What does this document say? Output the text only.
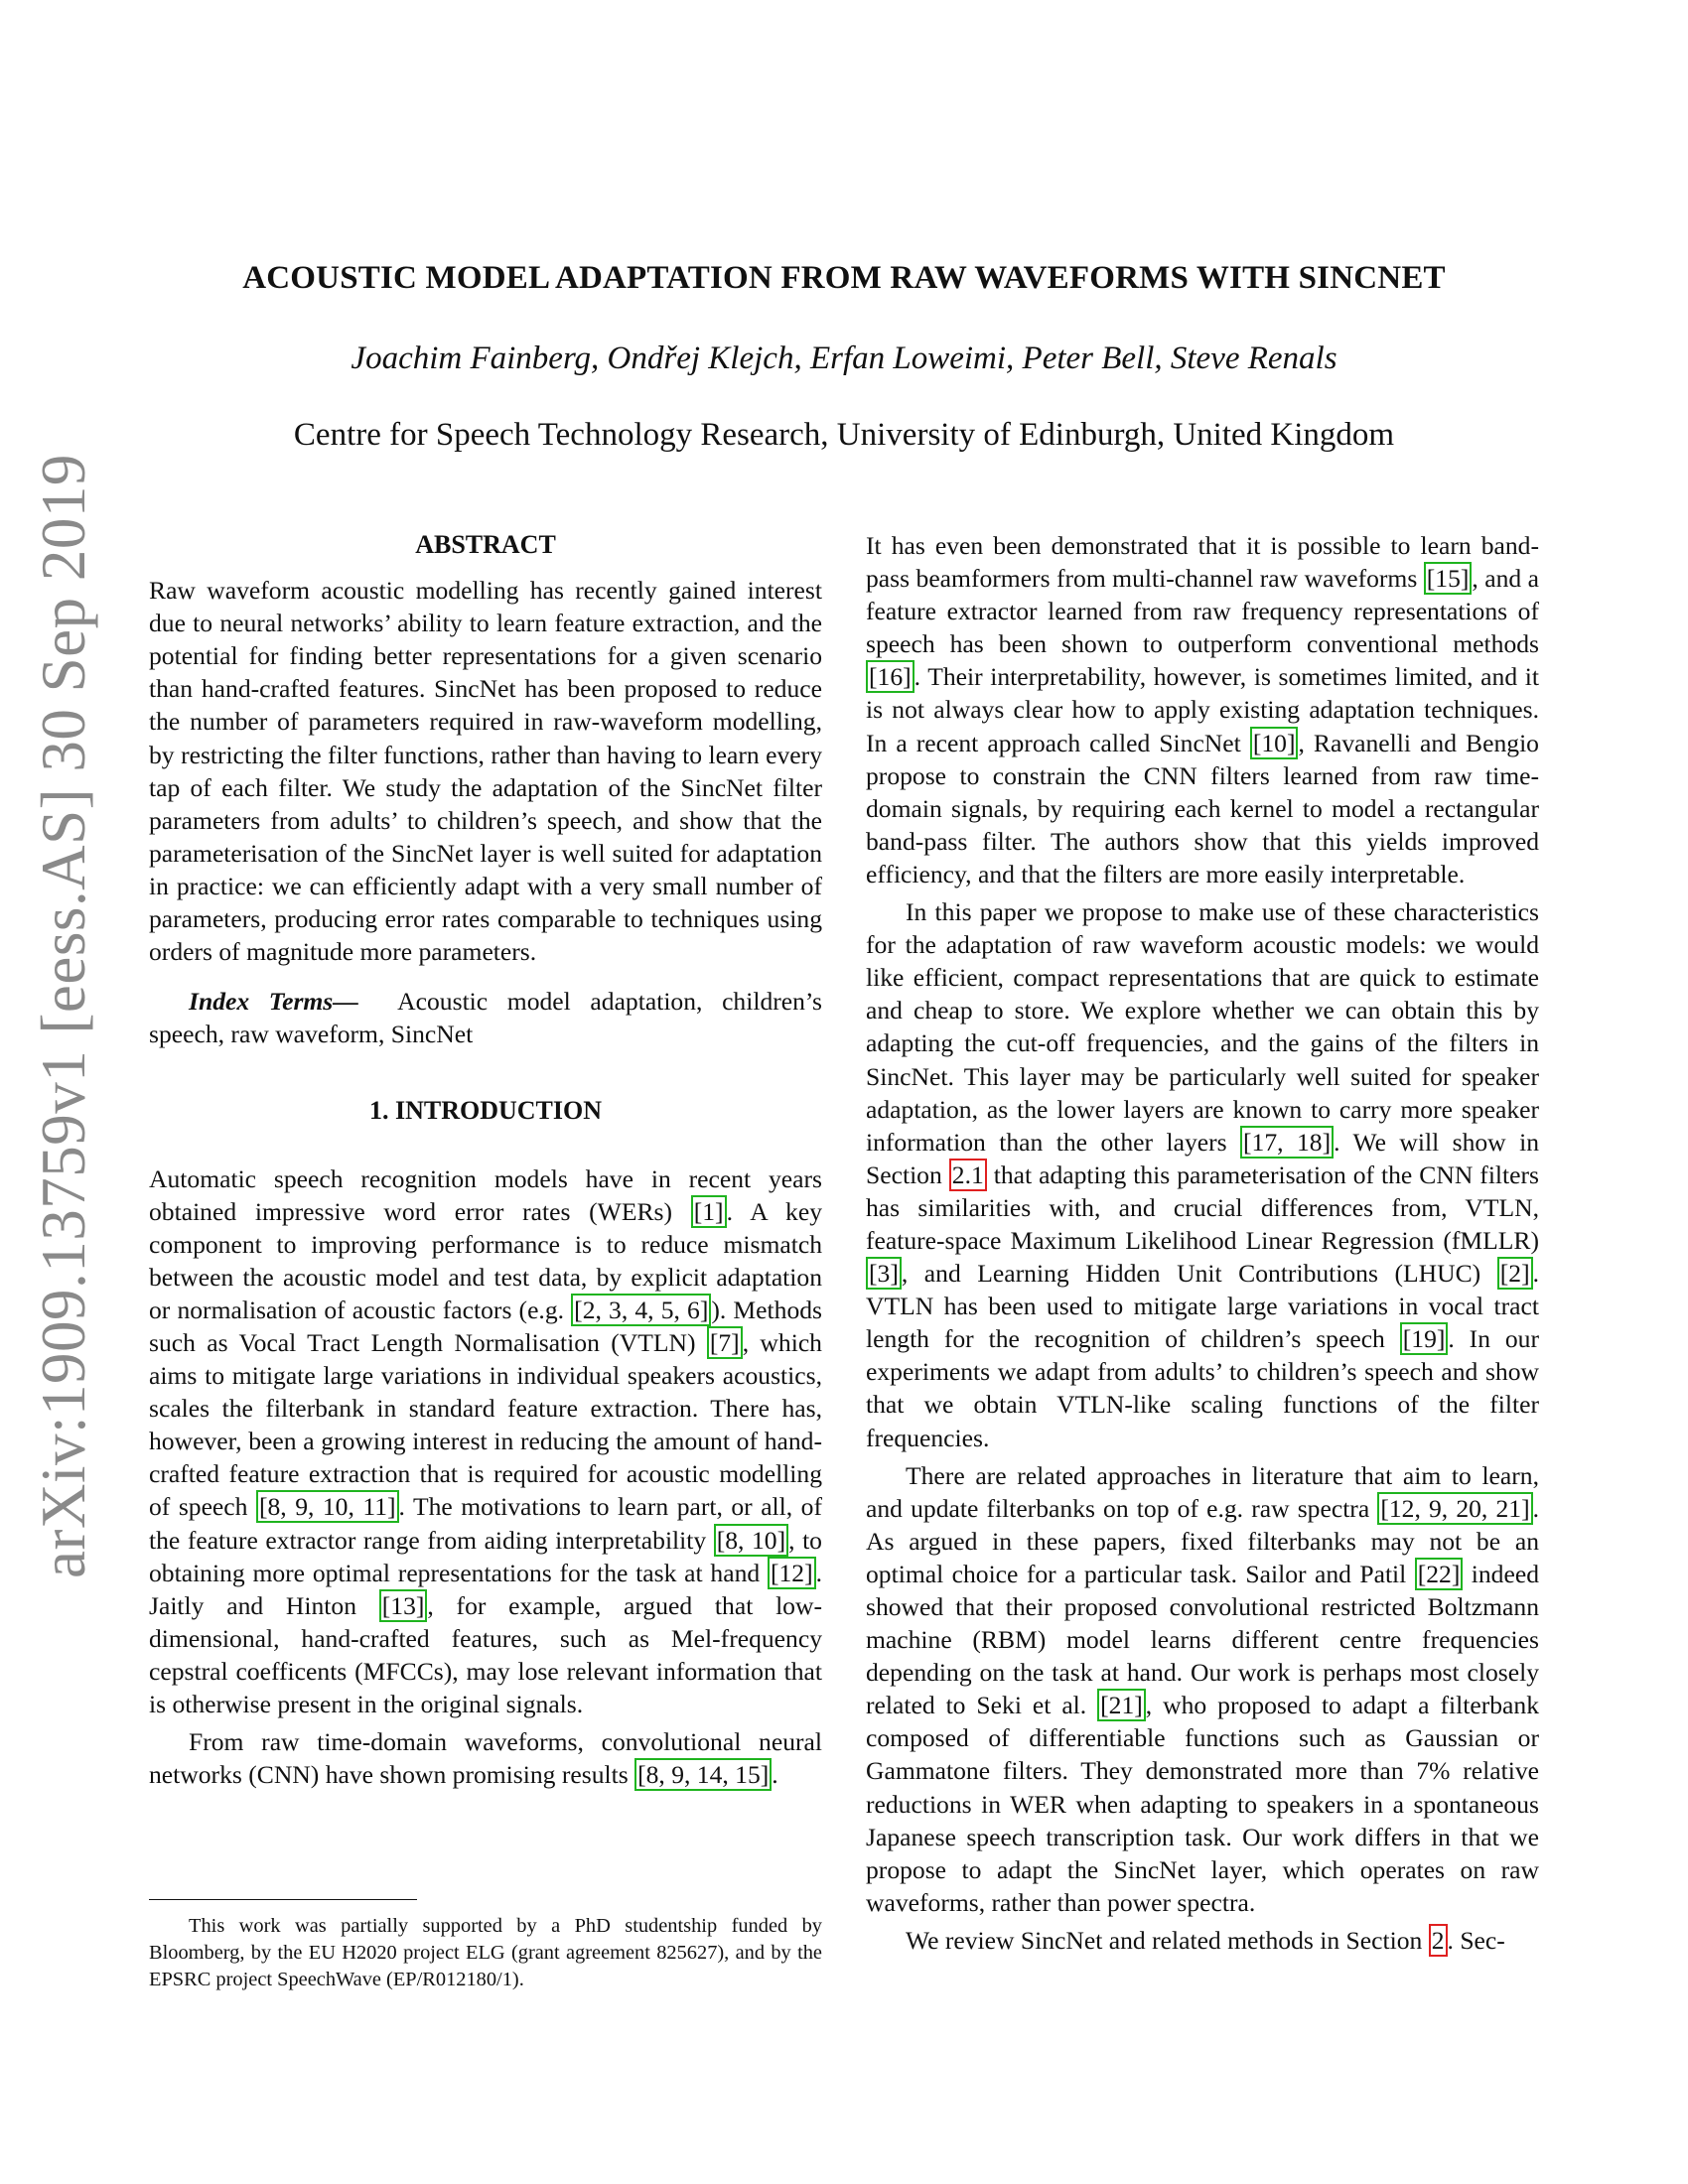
arXiv:1909.13759v1 [eess.AS] 30 Sep 2019
ACOUSTIC MODEL ADAPTATION FROM RAW WAVEFORMS WITH SINCNET
Joachim Fainberg, Ondřej Klejch, Erfan Loweimi, Peter Bell, Steve Renals
Centre for Speech Technology Research, University of Edinburgh, United Kingdom
ABSTRACT

Raw waveform acoustic modelling has recently gained interest due to neural networks’ ability to learn feature extraction, and the potential for finding better representations for a given scenario than hand-crafted features. SincNet has been proposed to reduce the number of parameters required in raw-waveform modelling, by restricting the filter functions, rather than having to learn every tap of each filter. We study the adaptation of the SincNet filter parameters from adults’ to children’s speech, and show that the parameterisation of the SincNet layer is well suited for adaptation in practice: we can efficiently adapt with a very small number of parameters, producing error rates comparable to techniques using orders of magnitude more parameters.

Index Terms— Acoustic model adaptation, children’s speech, raw waveform, SincNet

1. INTRODUCTION

Automatic speech recognition models have in recent years obtained impressive word error rates (WERs) [1] . A key component to improving performance is to reduce mismatch between the acoustic model and test data, by explicit adaptation or normalisation of acoustic factors (e.g. [2, 3, 4, 5, 6] ). Methods such as Vocal Tract Length Normalisation (VTLN) [7] , which aims to mitigate large variations in individual speakers acoustics, scales the filterbank in standard feature extraction. There has, however, been a growing interest in reducing the amount of hand-crafted feature extraction that is required for acoustic modelling of speech [8, 9, 10, 11] . The motivations to learn part, or all, of the feature extractor range from aiding interpretability [8, 10] , to obtaining more optimal representations for the task at hand [12] . Jaitly and Hinton [13] , for example, argued that low-dimensional, hand-crafted features, such as Mel-frequency cepstral coefficents (MFCCs), may lose relevant information that is otherwise present in the original signals.

From raw time-domain waveforms, convolutional neural networks (CNN) have shown promising results [8, 9, 14, 15] .

This work was partially supported by a PhD studentship funded by Bloomberg, by the EU H2020 project ELG (grant agreement 825627), and by the EPSRC project SpeechWave (EP/R012180/1).

It has even been demonstrated that it is possible to learn band-pass beamformers from multi-channel raw waveforms [15] , and a feature extractor learned from raw frequency representations of speech has been shown to outperform conventional methods [16] . Their interpretability, however, is sometimes limited, and it is not always clear how to apply existing adaptation techniques. In a recent approach called SincNet [10] , Ravanelli and Bengio propose to constrain the CNN filters learned from raw time-domain signals, by requiring each kernel to model a rectangular band-pass filter. The authors show that this yields improved efficiency, and that the filters are more easily interpretable.

In this paper we propose to make use of these characteristics for the adaptation of raw waveform acoustic models: we would like efficient, compact representations that are quick to estimate and cheap to store. We explore whether we can obtain this by adapting the cut-off frequencies, and the gains of the filters in SincNet. This layer may be particularly well suited for speaker adaptation, as the lower layers are known to carry more speaker information than the other layers [17, 18] . We will show in Section 2.1 that adapting this parameterisation of the CNN filters has similarities with, and crucial differences from, VTLN, feature-space Maximum Likelihood Linear Regression (fMLLR) [3] , and Learning Hidden Unit Contributions (LHUC) [2] . VTLN has been used to mitigate large variations in vocal tract length for the recognition of children’s speech [19] . In our experiments we adapt from adults’ to children’s speech and show that we obtain VTLN-like scaling functions of the filter frequencies.

There are related approaches in literature that aim to learn, and update filterbanks on top of e.g. raw spectra [12, 9, 20, 21] . As argued in these papers, fixed filterbanks may not be an optimal choice for a particular task. Sailor and Patil [22] indeed showed that their proposed convolutional restricted Boltzmann machine (RBM) model learns different centre frequencies depending on the task at hand. Our work is perhaps most closely related to Seki et al. [21] , who proposed to adapt a filterbank composed of differentiable functions such as Gaussian or Gammatone filters. They demonstrated more than 7% relative reductions in WER when adapting to speakers in a spontaneous Japanese speech transcription task. Our work differs in that we propose to adapt the SincNet layer, which operates on raw waveforms, rather than power spectra.

We review SincNet and related methods in Section 2 . Sec-
